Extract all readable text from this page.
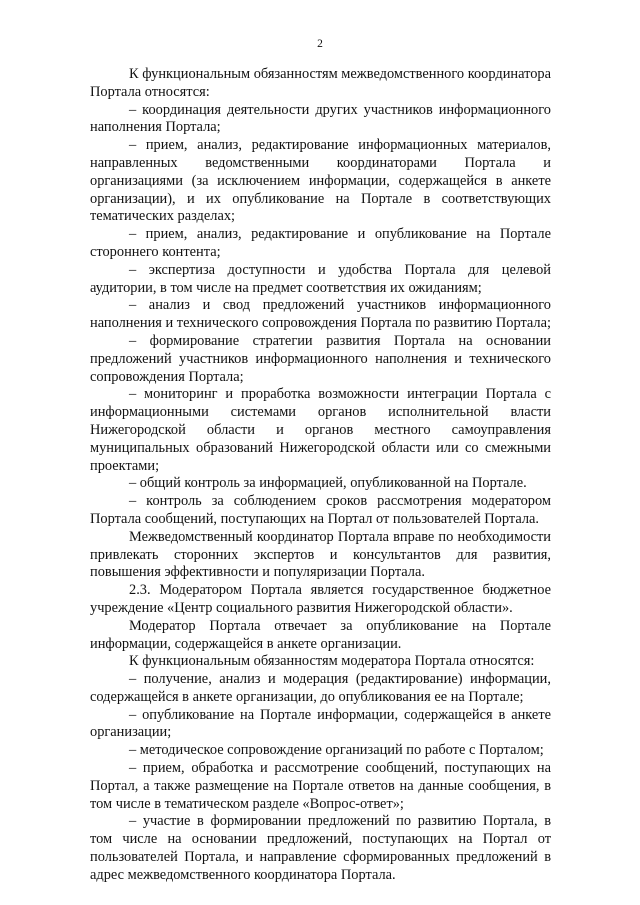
2

К функциональным обязанностям межведомственного координатора Портала относятся:

– координация деятельности других участников информационного наполнения Портала;

– прием, анализ, редактирование информационных материалов, направленных ведомственными координаторами Портала и организациями (за исключением информации, содержащейся в анкете организации), и их опубликование на Портале в соответствующих тематических разделах;

– прием, анализ, редактирование и опубликование на Портале стороннего контента;

– экспертиза доступности и удобства Портала для целевой аудитории, в том числе на предмет соответствия их ожиданиям;

– анализ и свод предложений участников информационного наполнения и технического сопровождения Портала по развитию Портала;

– формирование стратегии развития Портала на основании предложений участников информационного наполнения и технического сопровождения Портала;

– мониторинг и проработка возможности интеграции Портала с информационными системами органов исполнительной власти Нижегородской области и органов местного самоуправления муниципальных образований Нижегородской области или со смежными проектами;

– общий контроль за информацией, опубликованной на Портале.

– контроль за соблюдением сроков рассмотрения модератором Портала сообщений, поступающих на Портал от пользователей Портала.

Межведомственный координатор Портала вправе по необходимости привлекать сторонних экспертов и консультантов для развития, повышения эффективности и популяризации Портала.

2.3. Модератором Портала является государственное бюджетное учреждение «Центр социального развития Нижегородской области».

Модератор Портала отвечает за опубликование на Портале информации, содержащейся в анкете организации.

К функциональным обязанностям модератора Портала относятся:

– получение, анализ и модерация (редактирование) информации, содержащейся в анкете организации, до опубликования ее на Портале;

– опубликование на Портале информации, содержащейся в анкете организации;

– методическое сопровождение организаций по работе с Порталом;

– прием, обработка и рассмотрение сообщений, поступающих на Портал, а также размещение на Портале ответов на данные сообщения, в том числе в тематическом разделе «Вопрос-ответ»;

– участие в формировании предложений по развитию Портала, в том числе на основании предложений, поступающих на Портал от пользователей Портала, и направление сформированных предложений в адрес межведомственного координатора Портала.
